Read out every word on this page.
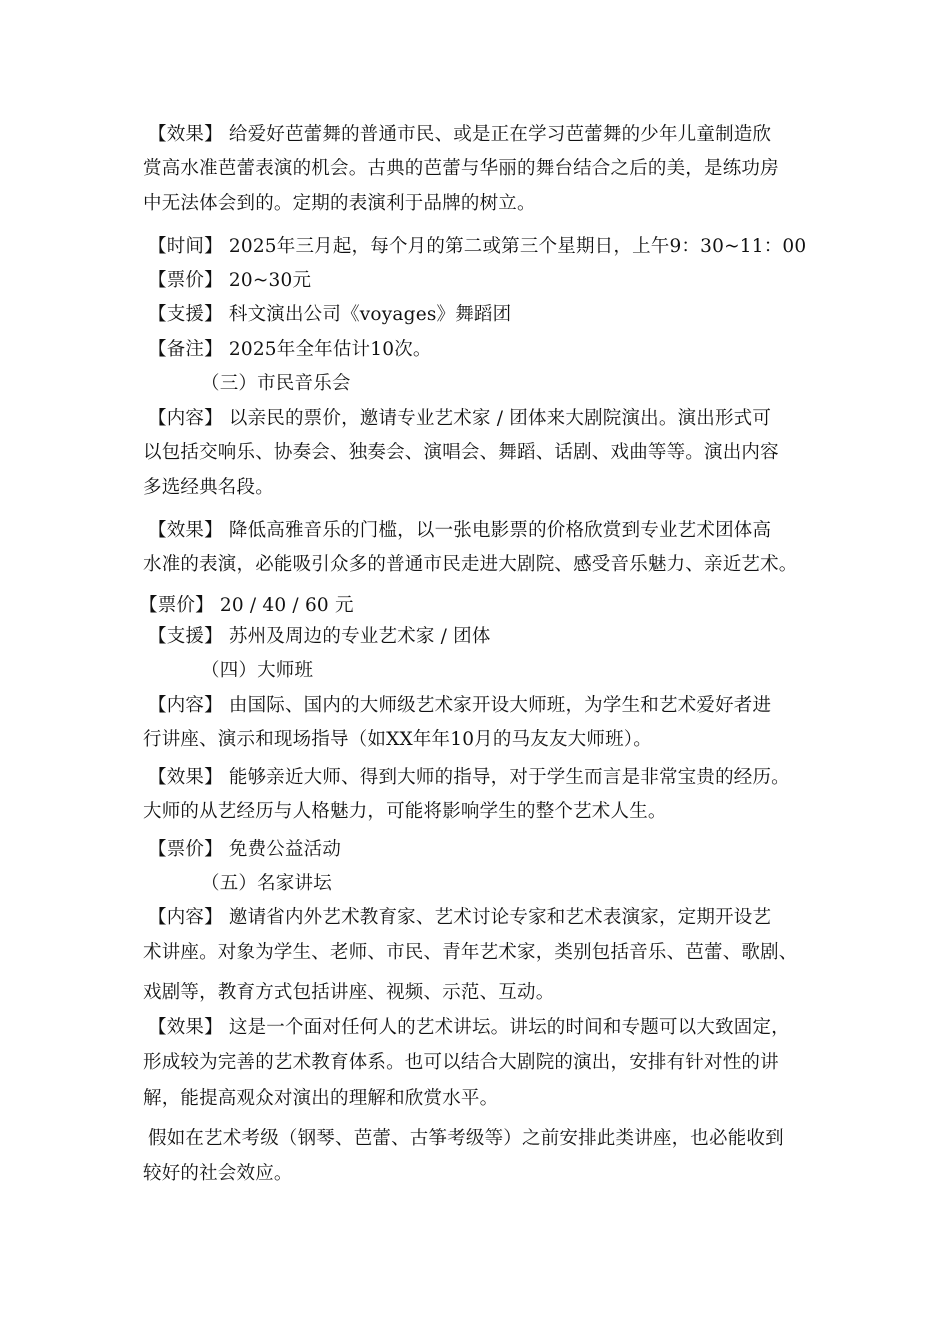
【效果】 给爱好芭蕾舞的普通市民、或是正在学习芭蕾舞的少年儿童制造欣
赏高水准芭蕾表演的机会。古典的芭蕾与华丽的舞台结合之后的美，是练功房
中无法体会到的。定期的表演利于品牌的树立。
【时间】 2025年三月起，每个月的第二或第三个星期日，上午9：30~11：00
【票价】 20~30元
【支援】 科文演出公司《voyages》舞蹈团
【备注】 2025年全年估计10次。
（三）市民音乐会
【内容】 以亲民的票价，邀请专业艺术家 / 团体来大剧院演出。演出形式可
以包括交响乐、协奏会、独奏会、演唱会、舞蹈、话剧、戏曲等等。演出内容
多选经典名段。
【效果】 降低高雅音乐的门槛，以一张电影票的价格欣赏到专业艺术团体高
水准的表演，必能吸引众多的普通市民走进大剧院、感受音乐魅力、亲近艺术。
【票价】 20 / 40 / 60 元
【支援】 苏州及周边的专业艺术家 / 团体
（四）大师班
【内容】 由国际、国内的大师级艺术家开设大师班，为学生和艺术爱好者进
行讲座、演示和现场指导（如XX年年10月的马友友大师班）。
【效果】 能够亲近大师、得到大师的指导，对于学生而言是非常宝贵的经历。
大师的从艺经历与人格魅力，可能将影响学生的整个艺术人生。
【票价】 免费公益活动
（五）名家讲坛
【内容】 邀请省内外艺术教育家、艺术讨论专家和艺术表演家，定期开设艺
术讲座。对象为学生、老师、市民、青年艺术家，类别包括音乐、芭蕾、歌剧、
戏剧等，教育方式包括讲座、视频、示范、互动。
【效果】 这是一个面对任何人的艺术讲坛。讲坛的时间和专题可以大致固定，
形成较为完善的艺术教育体系。也可以结合大剧院的演出，安排有针对性的讲
解，能提高观众对演出的理解和欣赏水平。
假如在艺术考级（钢琴、芭蕾、古筝考级等）之前安排此类讲座，也必能收到
较好的社会效应。
